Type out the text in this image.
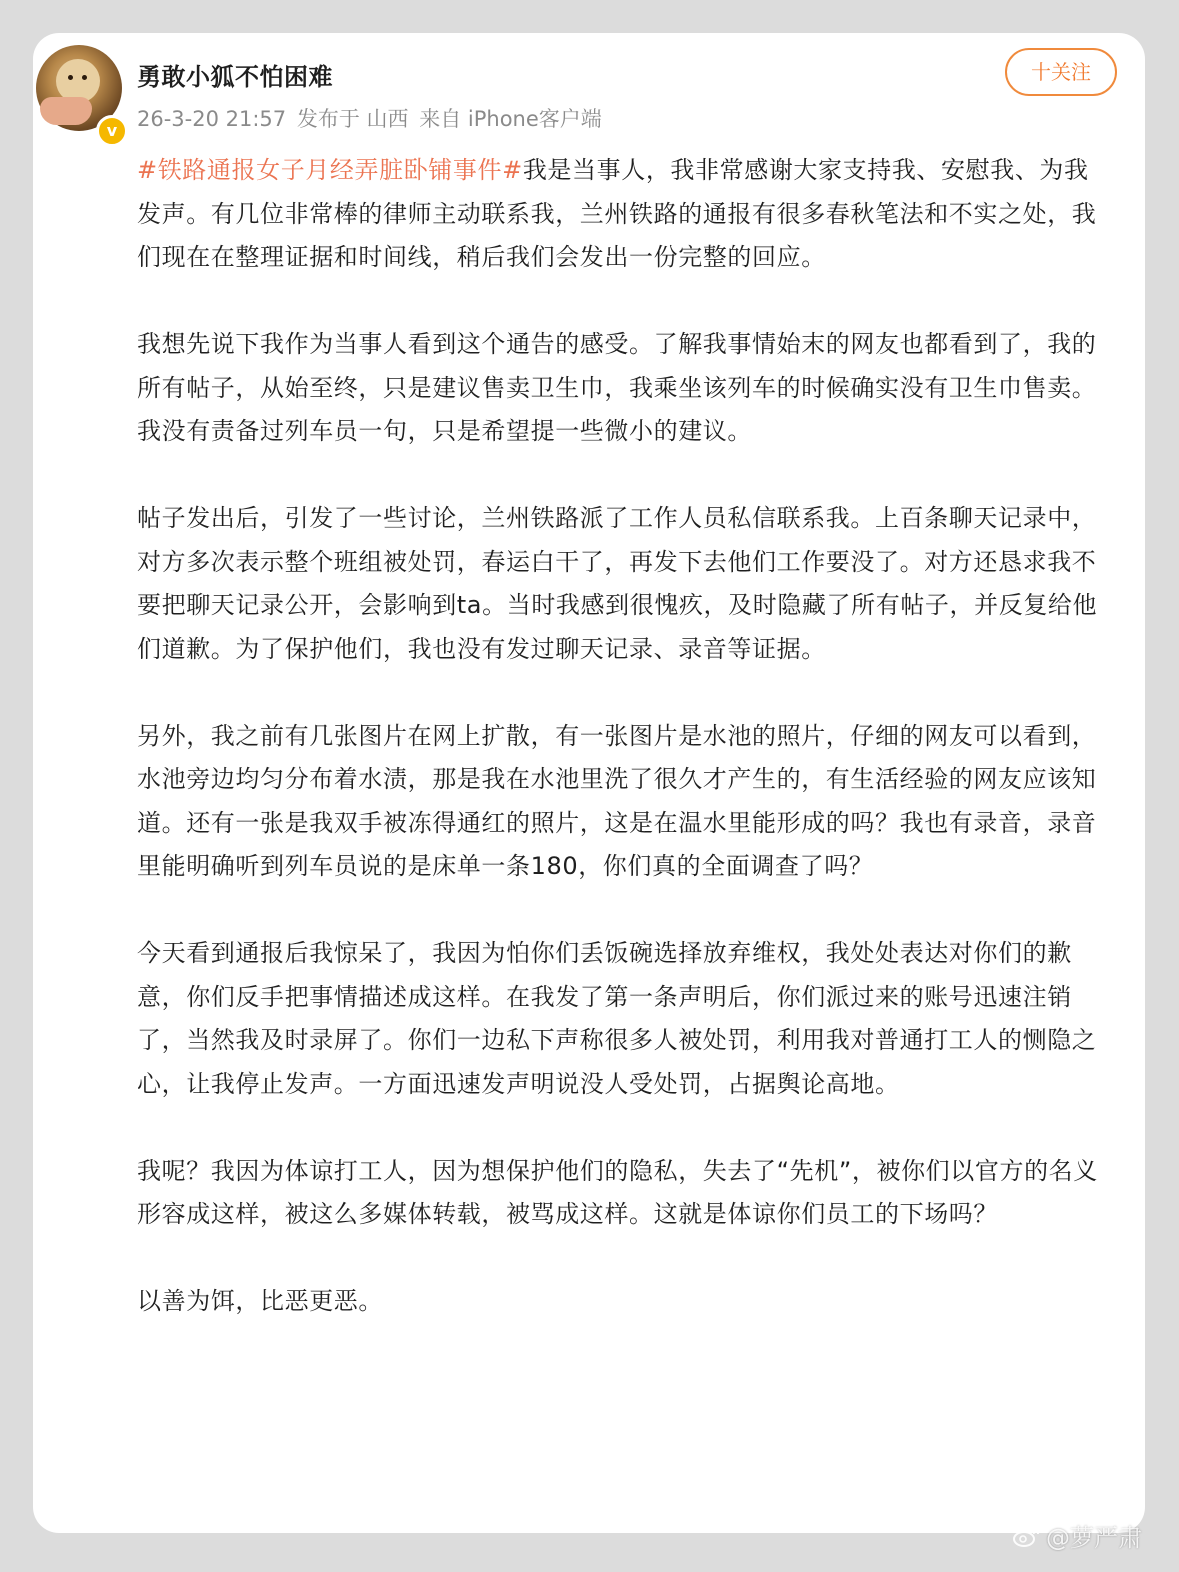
v
勇敢小狐不怕困难
26-3-20 21:57 发布于 山西 来自 iPhone客户端
十关注

#铁路通报女子月经弄脏卧铺事件#我是当事人，我非常感谢大家支持我、安慰我、为我发声。有几位非常棒的律师主动联系我，兰州铁路的通报有很多春秋笔法和不实之处，我们现在在整理证据和时间线，稍后我们会发出一份完整的回应。

我想先说下我作为当事人看到这个通告的感受。了解我事情始末的网友也都看到了，我的所有帖子，从始至终，只是建议售卖卫生巾，我乘坐该列车的时候确实没有卫生巾售卖。我没有责备过列车员一句，只是希望提一些微小的建议。

帖子发出后，引发了一些讨论，兰州铁路派了工作人员私信联系我。上百条聊天记录中，对方多次表示整个班组被处罚，春运白干了，再发下去他们工作要没了。对方还恳求我不要把聊天记录公开，会影响到ta。当时我感到很愧疚，及时隐藏了所有帖子，并反复给他们道歉。为了保护他们，我也没有发过聊天记录、录音等证据。

另外，我之前有几张图片在网上扩散，有一张图片是水池的照片，仔细的网友可以看到，水池旁边均匀分布着水渍，那是我在水池里洗了很久才产生的，有生活经验的网友应该知道。还有一张是我双手被冻得通红的照片，这是在温水里能形成的吗？我也有录音，录音里能明确听到列车员说的是床单一条180，你们真的全面调查了吗？

今天看到通报后我惊呆了，我因为怕你们丢饭碗选择放弃维权，我处处表达对你们的歉意，你们反手把事情描述成这样。在我发了第一条声明后，你们派过来的账号迅速注销了，当然我及时录屏了。你们一边私下声称很多人被处罚，利用我对普通打工人的恻隐之心，让我停止发声。一方面迅速发声明说没人受处罚，占据舆论高地。

我呢？我因为体谅打工人，因为想保护他们的隐私，失去了“先机”，被你们以官方的名义形容成这样，被这么多媒体转载，被骂成这样。这就是体谅你们员工的下场吗？

以善为饵，比恶更恶。

@萝严肃
